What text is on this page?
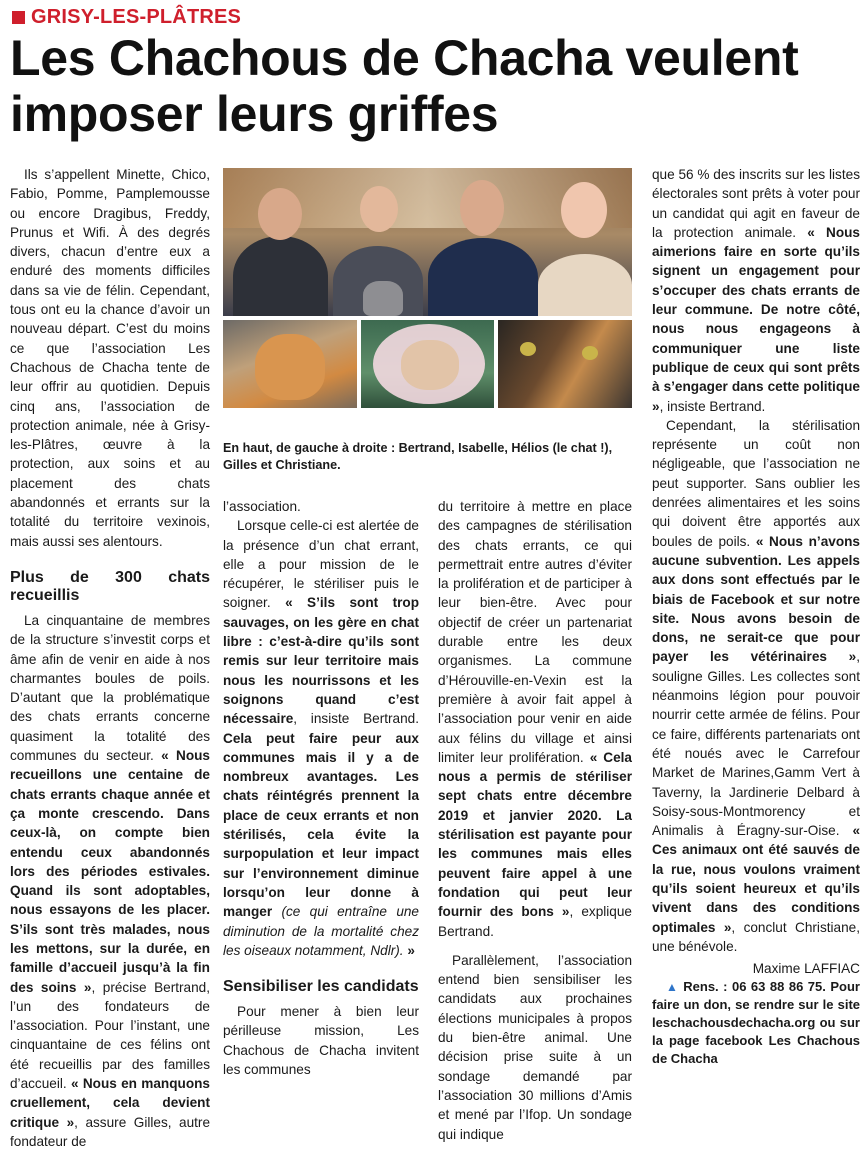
GRISY-LES-PLÂTRES
Les Chachous de Chacha veulent imposer leurs griffes

Ils s’appellent Minette, Chico, Fabio, Pomme, Pamplemousse ou encore Dragibus, Freddy, Prunus et Wifi. À des degrés divers, chacun d’entre eux a enduré des moments difficiles dans sa vie de félin. Cependant, tous ont eu la chance d’avoir un nouveau départ. C’est du moins ce que l’association Les Chachous de Chacha tente de leur offrir au quotidien. Depuis cinq ans, l’association de protection animale, née à Grisy-les-Plâtres, œuvre à la protection, aux soins et au placement des chats abandonnés et errants sur la totalité du territoire vexinois, mais aussi ses alentours.

Plus de 300 chats recueillis

La cinquantaine de membres de la structure s’investit corps et âme afin de venir en aide à nos charmantes boules de poils. D’autant que la problématique des chats errants concerne quasiment la totalité des communes du secteur. « Nous recueillons une centaine de chats errants chaque année et ça monte crescendo. Dans ceux-là, on compte bien entendu ceux abandonnés lors des périodes estivales. Quand ils sont adoptables, nous essayons de les placer. S’ils sont très malades, nous les mettons, sur la durée, en famille d’accueil jusqu’à la fin des soins », précise Bertrand, l’un des fondateurs de l’association. Pour l’instant, une cinquantaine de ces félins ont été recueillis par des familles d’accueil. « Nous en manquons cruellement, cela devient critique », assure Gilles, autre fondateur de

En haut, de gauche à droite : Bertrand, Isabelle, Hélios (le chat !), Gilles et Christiane.

l’association.

Lorsque celle-ci est alertée de la présence d’un chat errant, elle a pour mission de le récupérer, le stériliser puis le soigner. « S’ils sont trop sauvages, on les gère en chat libre : c’est-à-dire qu’ils sont remis sur leur territoire mais nous les nourrissons et les soignons quand c’est nécessaire, insiste Bertrand. Cela peut faire peur aux communes mais il y a de nombreux avantages. Les chats réintégrés prennent la place de ceux errants et non stérilisés, cela évite la surpopulation et leur impact sur l’environnement diminue lorsqu’on leur donne à manger (ce qui entraîne une diminution de la mortalité chez les oiseaux notamment, Ndlr). »

Sensibiliser les candidats

Pour mener à bien leur périlleuse mission, Les Chachous de Chacha invitent les communes

du territoire à mettre en place des campagnes de stérilisation des chats errants, ce qui permettrait entre autres d’éviter la prolifération et de participer à leur bien-être. Avec pour objectif de créer un partenariat durable entre les deux organismes. La commune d’Hérouville-en-Vexin est la première à avoir fait appel à l’association pour venir en aide aux félins du village et ainsi limiter leur prolifération. « Cela nous a permis de stériliser sept chats entre décembre 2019 et janvier 2020. La stérilisation est payante pour les communes mais elles peuvent faire appel à une fondation qui peut leur fournir des bons », explique Bertrand.

Parallèlement, l’association entend bien sensibiliser les candidats aux prochaines élections municipales à propos du bien-être animal. Une décision prise suite à un sondage demandé par l’association 30 millions d’Amis et mené par l’Ifop. Un sondage qui indique

que 56 % des inscrits sur les listes électorales sont prêts à voter pour un candidat qui agit en faveur de la protection animale. « Nous aimerions faire en sorte qu’ils signent un engagement pour s’occuper des chats errants de leur commune. De notre côté, nous nous engageons à communiquer une liste publique de ceux qui sont prêts à s’engager dans cette politique », insiste Bertrand.

Cependant, la stérilisation représente un coût non négligeable, que l’association ne peut supporter. Sans oublier les denrées alimentaires et les soins qui doivent être apportés aux boules de poils. « Nous n’avons aucune subvention. Les appels aux dons sont effectués par le biais de Facebook et sur notre site. Nous avons besoin de dons, ne serait-ce que pour payer les vétérinaires », souligne Gilles. Les collectes sont néanmoins légion pour pouvoir nourrir cette armée de félins. Pour ce faire, différents partenariats ont été noués avec le Carrefour Market de Marines,Gamm Vert à Taverny, la Jardinerie Delbard à Soisy-sous-Montmorency et Animalis à Éragny-sur-Oise. « Ces animaux ont été sauvés de la rue, nous voulons vraiment qu’ils soient heureux et qu’ils vivent dans des conditions optimales », conclut Christiane, une bénévole.

Maxime LAFFIAC

▲ Rens. : 06 63 88 86 75. Pour faire un don, se rendre sur le site leschachousdechacha.org ou sur la page facebook Les Chachous de Chacha
